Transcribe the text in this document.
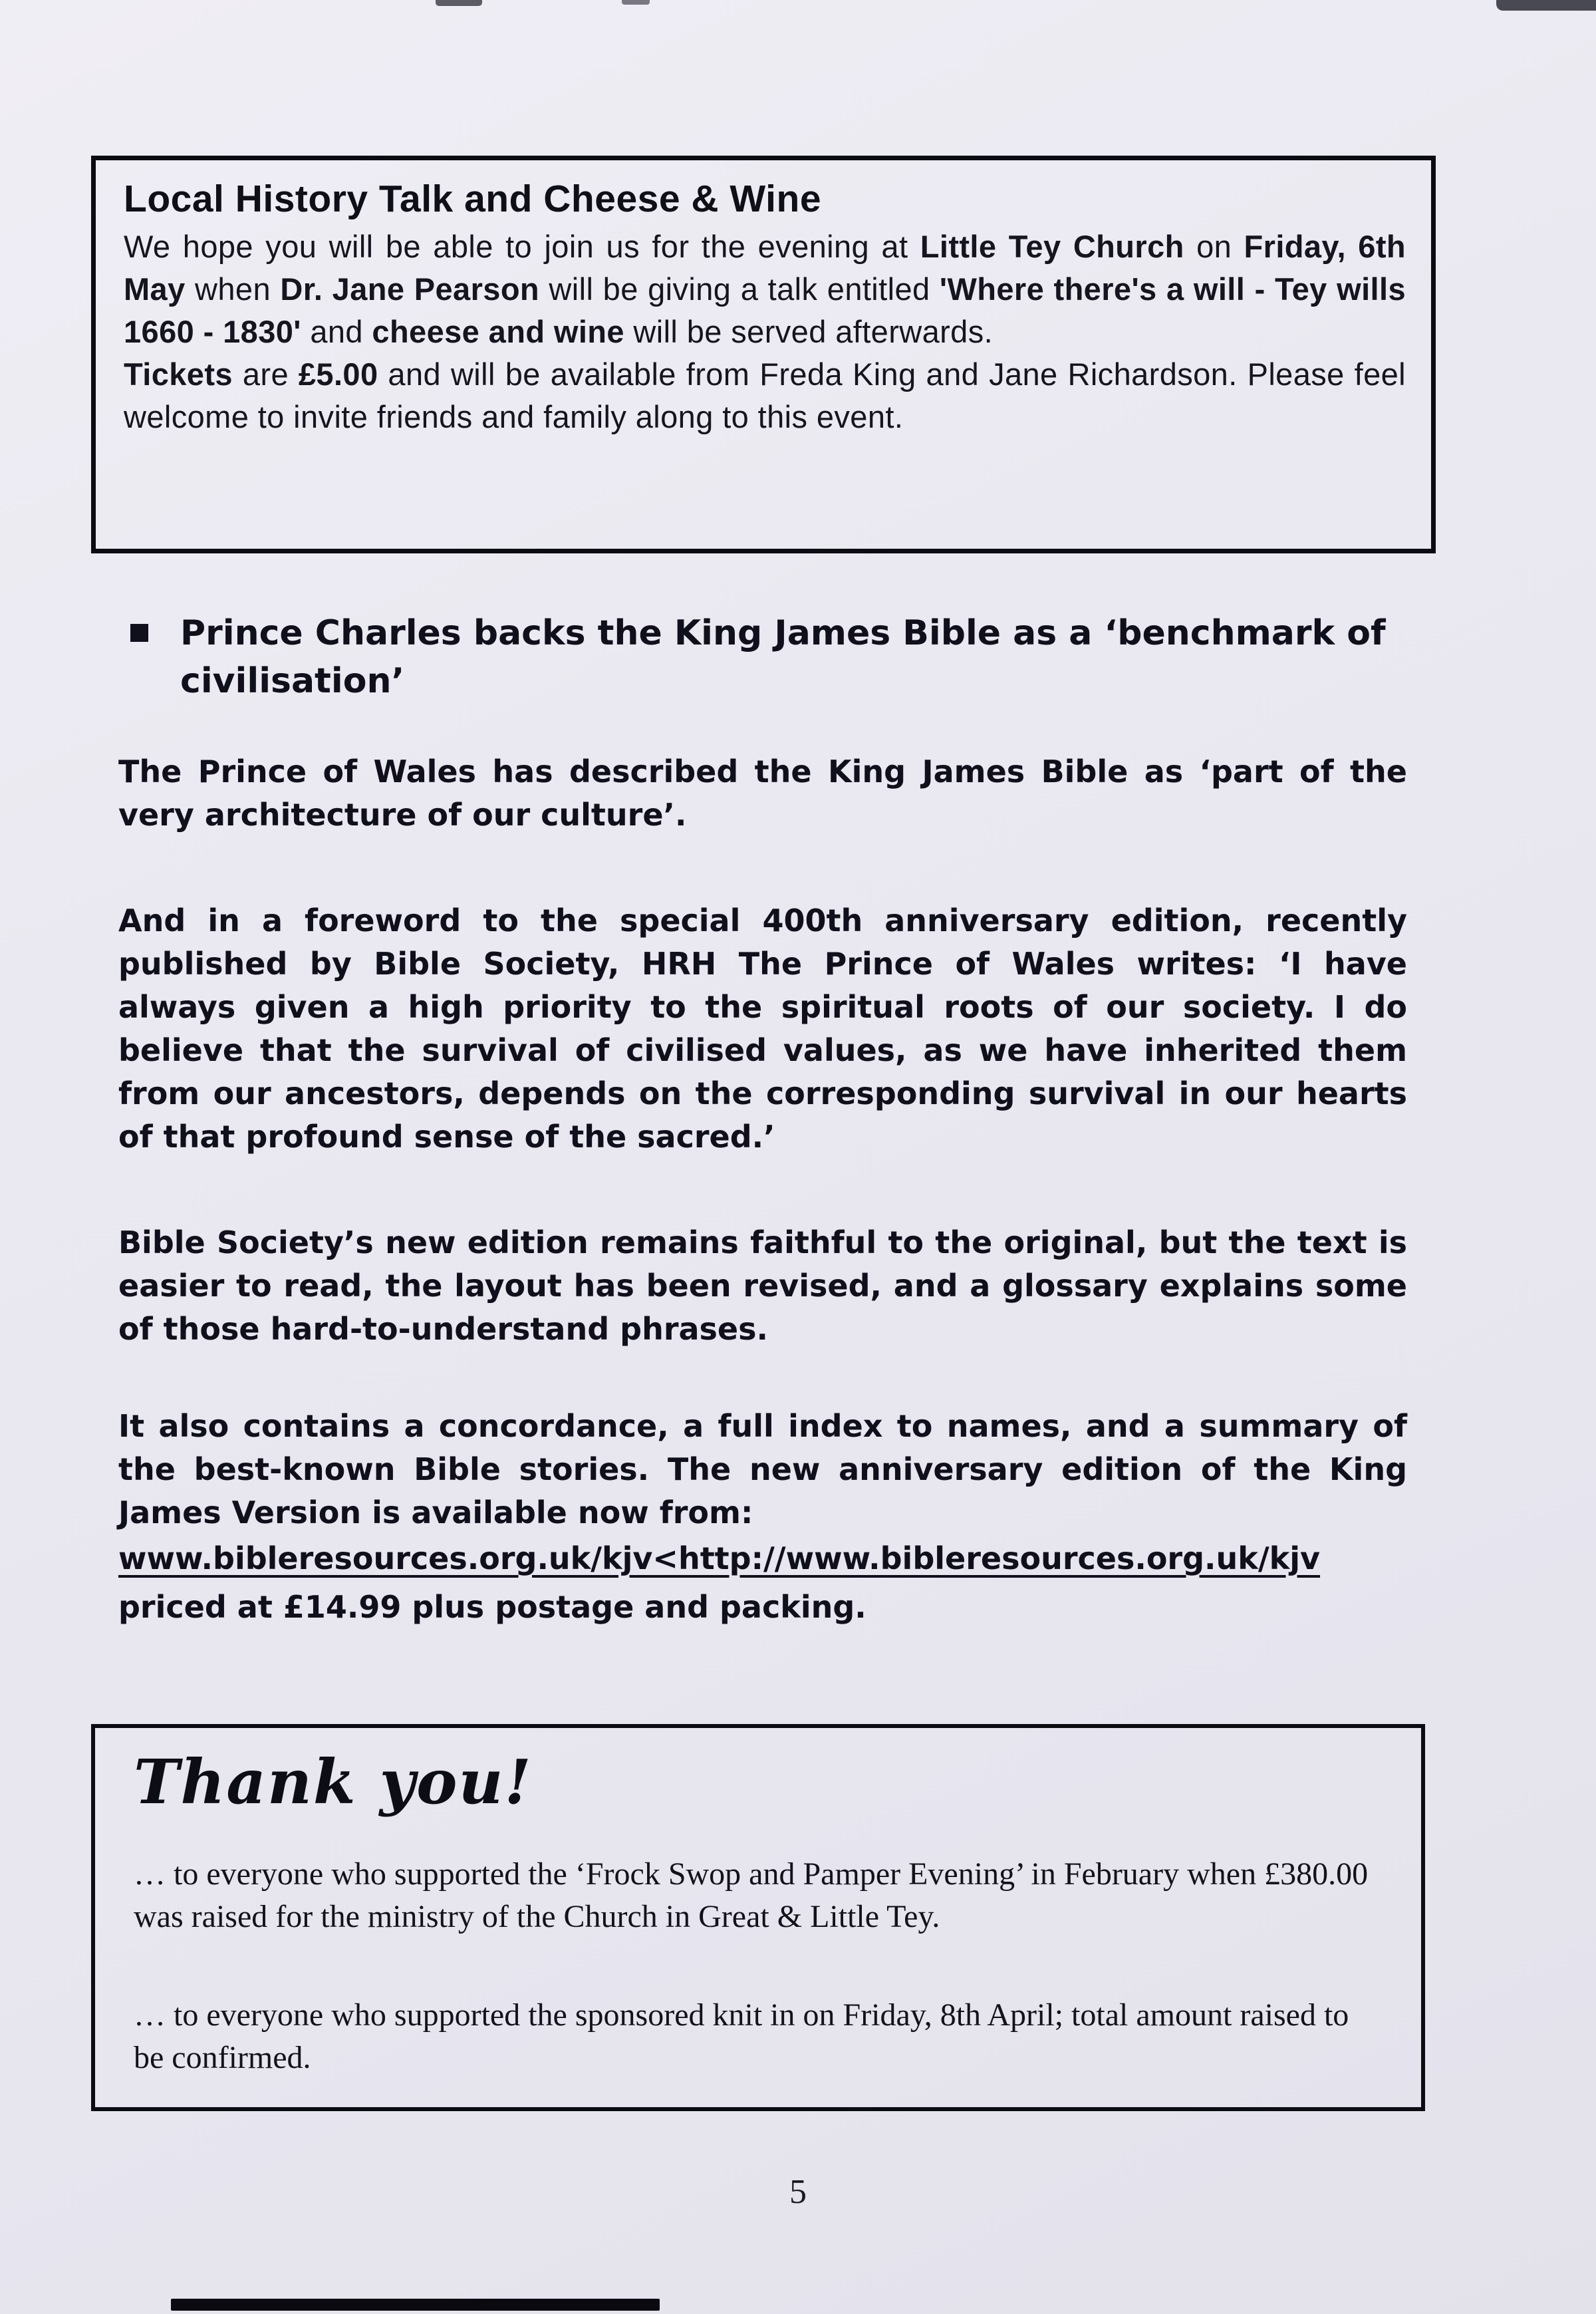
Local History Talk and Cheese & Wine

We hope you will be able to join us for the evening at Little Tey Church on Friday, 6th May when Dr. Jane Pearson will be giving a talk entitled 'Where there's a will - Tey wills 1660 - 1830' and cheese and wine will be served afterwards.

Tickets are £5.00 and will be available from Freda King and Jane Richardson. Please feel welcome to invite friends and family along to this event.

Prince Charles backs the King James Bible as a ‘benchmark of civilisation’

The Prince of Wales has described the King James Bible as ‘part of the very architecture of our culture’.

And in a foreword to the special 400th anniversary edition, recently published by Bible Society, HRH The Prince of Wales writes: ‘I have always given a high priority to the spiritual roots of our society. I do believe that the survival of civilised values, as we have inherited them from our ancestors, depends on the corresponding survival in our hearts of that profound sense of the sacred.’

Bible Society’s new edition remains faithful to the original, but the text is easier to read, the layout has been revised, and a glossary explains some of those hard-to-understand phrases.

It also contains a concordance, a full index to names, and a summary of the best-known Bible stories. The new anniversary edition of the King James Version is available now from:
www.bibleresources.org.uk/kjv<http://www.bibleresources.org.uk/kjv
priced at £14.99 plus postage and packing.
Thank you!

… to everyone who supported the ‘Frock Swop and Pamper Evening’ in February when £380.00 was raised for the ministry of the Church in Great & Little Tey.

… to everyone who supported the sponsored knit in on Friday, 8th April; total amount raised to be confirmed.

5
